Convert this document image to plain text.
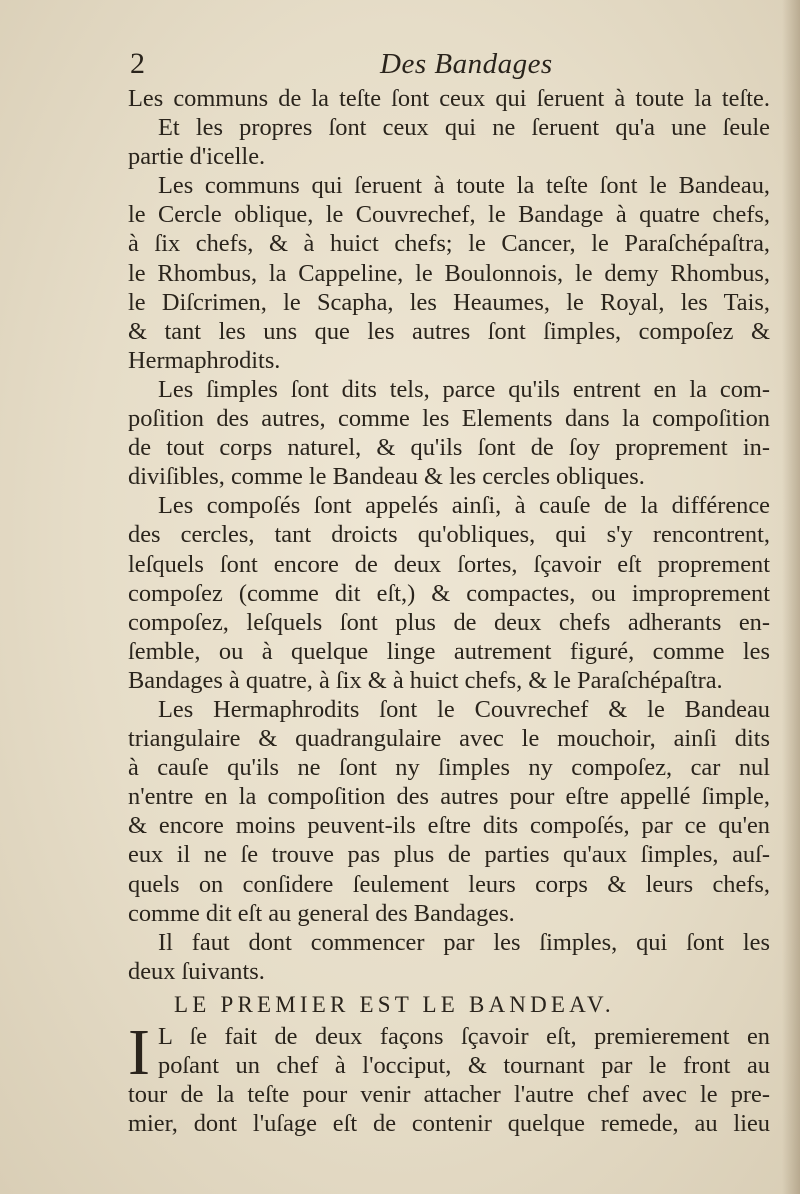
2	Des Bandages
Les communs de la teſte ſont ceux qui ſeruent à toute la teſte.
Et les propres ſont ceux qui ne ſeruent qu'a une ſeule
partie d'icelle.
Les communs qui ſeruent à toute la teſte ſont le Bandeau,
le Cercle oblique, le Couvrechef, le Bandage à quatre chefs,
à ſix chefs, & à huict chefs; le Cancer, le Paraſchépaſtra,
le Rhombus, la Cappeline, le Boulonnois, le demy Rhombus,
le Diſcrimen, le Scapha, les Heaumes, le Royal, les Tais,
& tant les uns que les autres ſont ſimples, compoſez &
Hermaphrodits.
Les ſimples ſont dits tels, parce qu'ils entrent en la com-
poſition des autres, comme les Elements dans la compoſition
de tout corps naturel, & qu'ils ſont de ſoy proprement in-
diviſibles, comme le Bandeau & les cercles obliques.
Les compoſés ſont appelés ainſi, à cauſe de la différence
des cercles, tant droicts qu'obliques, qui s'y rencontrent,
leſquels ſont encore de deux ſortes, ſçavoir eſt proprement
compoſez (comme dit eſt,) & compactes, ou improprement
compoſez, leſquels ſont plus de deux chefs adherants en-
ſemble, ou à quelque linge autrement figuré, comme les
Bandages à quatre, à ſix & à huict chefs, & le Paraſchépaſtra.
Les Hermaphrodits ſont le Couvrechef & le Bandeau
triangulaire & quadrangulaire avec le mouchoir, ainſi dits
à cauſe qu'ils ne ſont ny ſimples ny compoſez, car nul
n'entre en la compoſition des autres pour eſtre appellé ſimple,
& encore moins peuvent-ils eſtre dits compoſés, par ce qu'en
eux il ne ſe trouve pas plus de parties qu'aux ſimples, auſ-
quels on conſidere ſeulement leurs corps & leurs chefs,
comme dit eſt au general des Bandages.
Il faut dont commencer par les ſimples, qui ſont les
deux ſuivants.
LE PREMIER EST LE BANDEAV.
I L ſe fait de deux façons ſçavoir eſt, premierement en
poſant un chef à l'occiput, & tournant par le front au
tour de la teſte pour venir attacher l'autre chef avec le pre-
mier, dont l'uſage eſt de contenir quelque remede, au lieu
